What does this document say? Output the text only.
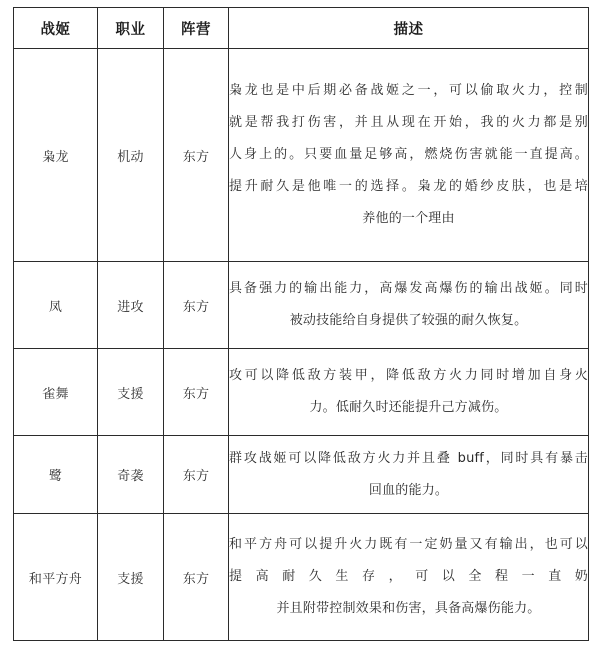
战姬	职业	阵营	描述
枭龙	机动	东方	枭龙也是中后期必备战姬之一，可以偷取火力，控制
就是帮我打伤害，并且从现在开始，我的火力都是别
人身上的。只要血量足够高，燃烧伤害就能一直提高。
提升耐久是他唯一的选择。枭龙的婚纱皮肤，也是培
养他的一个理由

凤	进攻	东方	具备强力的输出能力，高爆发高爆伤的输出战姬。同时
被动技能给自身提供了较强的耐久恢复。

雀舞	支援	东方	攻可以降低敌方装甲，降低敌方火力同时增加自身火
力。低耐久时还能提升己方减伤。

鹭	奇袭	东方	群攻战姬可以降低敌方火力并且叠 buff，同时具有暴击
回血的能力。

和平方舟	支援	东方	和平方舟可以提升火力既有一定奶量又有输出，也可以
提高耐久生存，可以全程一直奶
并且附带控制效果和伤害，具备高爆伤能力。
